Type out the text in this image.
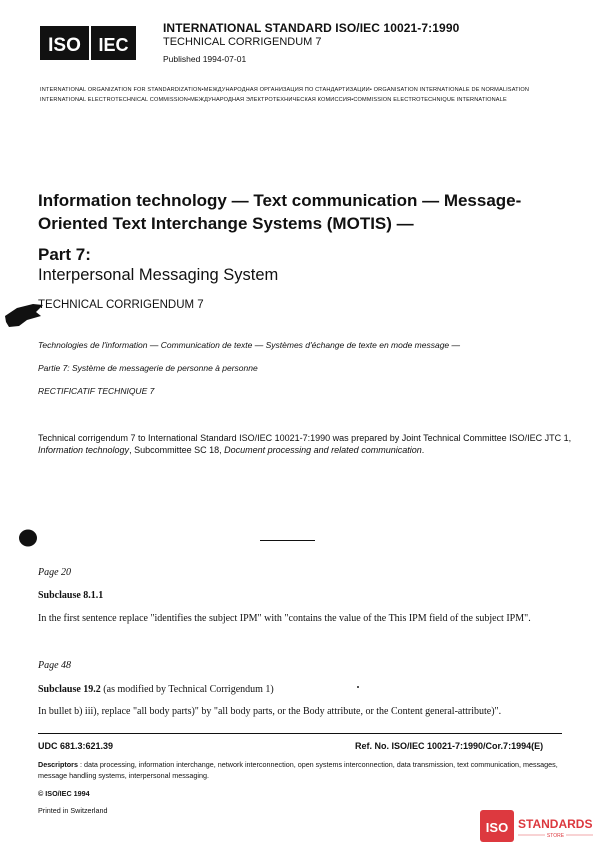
ISO IEC
INTERNATIONAL STANDARD ISO/IEC 10021-7:1990
TECHNICAL CORRIGENDUM 7
Published 1994-07-01
INTERNATIONAL ORGANIZATION FOR STANDARDIZATION•МЕЖДУНАРОДНАЯ ОРГАНИЗАЦИЯ ПО СТАНДАРТИЗАЦИИ• ORGANISATION INTERNATIONALE DE NORMALISATION
INTERNATIONAL ELECTROTECHNICAL COMMISSION•МЕЖДУНАРОДНАЯ ЭЛЕКТРОТЕХНИЧЕСКАЯ КОМИССИЯ•COMMISSION ELECTROTECHNIQUE INTERNATIONALE
Information technology — Text communication — Message-Oriented Text Interchange Systems (MOTIS) —
Part 7:
Interpersonal Messaging System
TECHNICAL CORRIGENDUM 7
Technologies de l'information — Communication de texte — Systèmes d'échange de texte en mode message —
Partie 7: Système de messagerie de personne à personne
RECTIFICATIF TECHNIQUE 7
Technical corrigendum 7 to International Standard ISO/IEC 10021-7:1990 was prepared by Joint Technical Committee ISO/IEC JTC 1, Information technology, Subcommittee SC 18, Document processing and related communication.
Page 20
Subclause 8.1.1
In the first sentence replace "identifies the subject IPM" with "contains the value of the This IPM field of the subject IPM".
Page 48
Subclause 19.2 (as modified by Technical Corrigendum 1)
In bullet b) iii), replace "all body parts)" by "all body parts, or the Body attribute, or the Content general-attribute)".
UDC 681.3:621.39	Ref. No. ISO/IEC 10021-7:1990/Cor.7:1994(E)
Descriptors : data processing, information interchange, network interconnection, open systems interconnection, data transmission, text communication, messages, message handling systems, interpersonal messaging.
© ISO/IEC 1994
Printed in Switzerland
ISO STANDARDS
STORE
